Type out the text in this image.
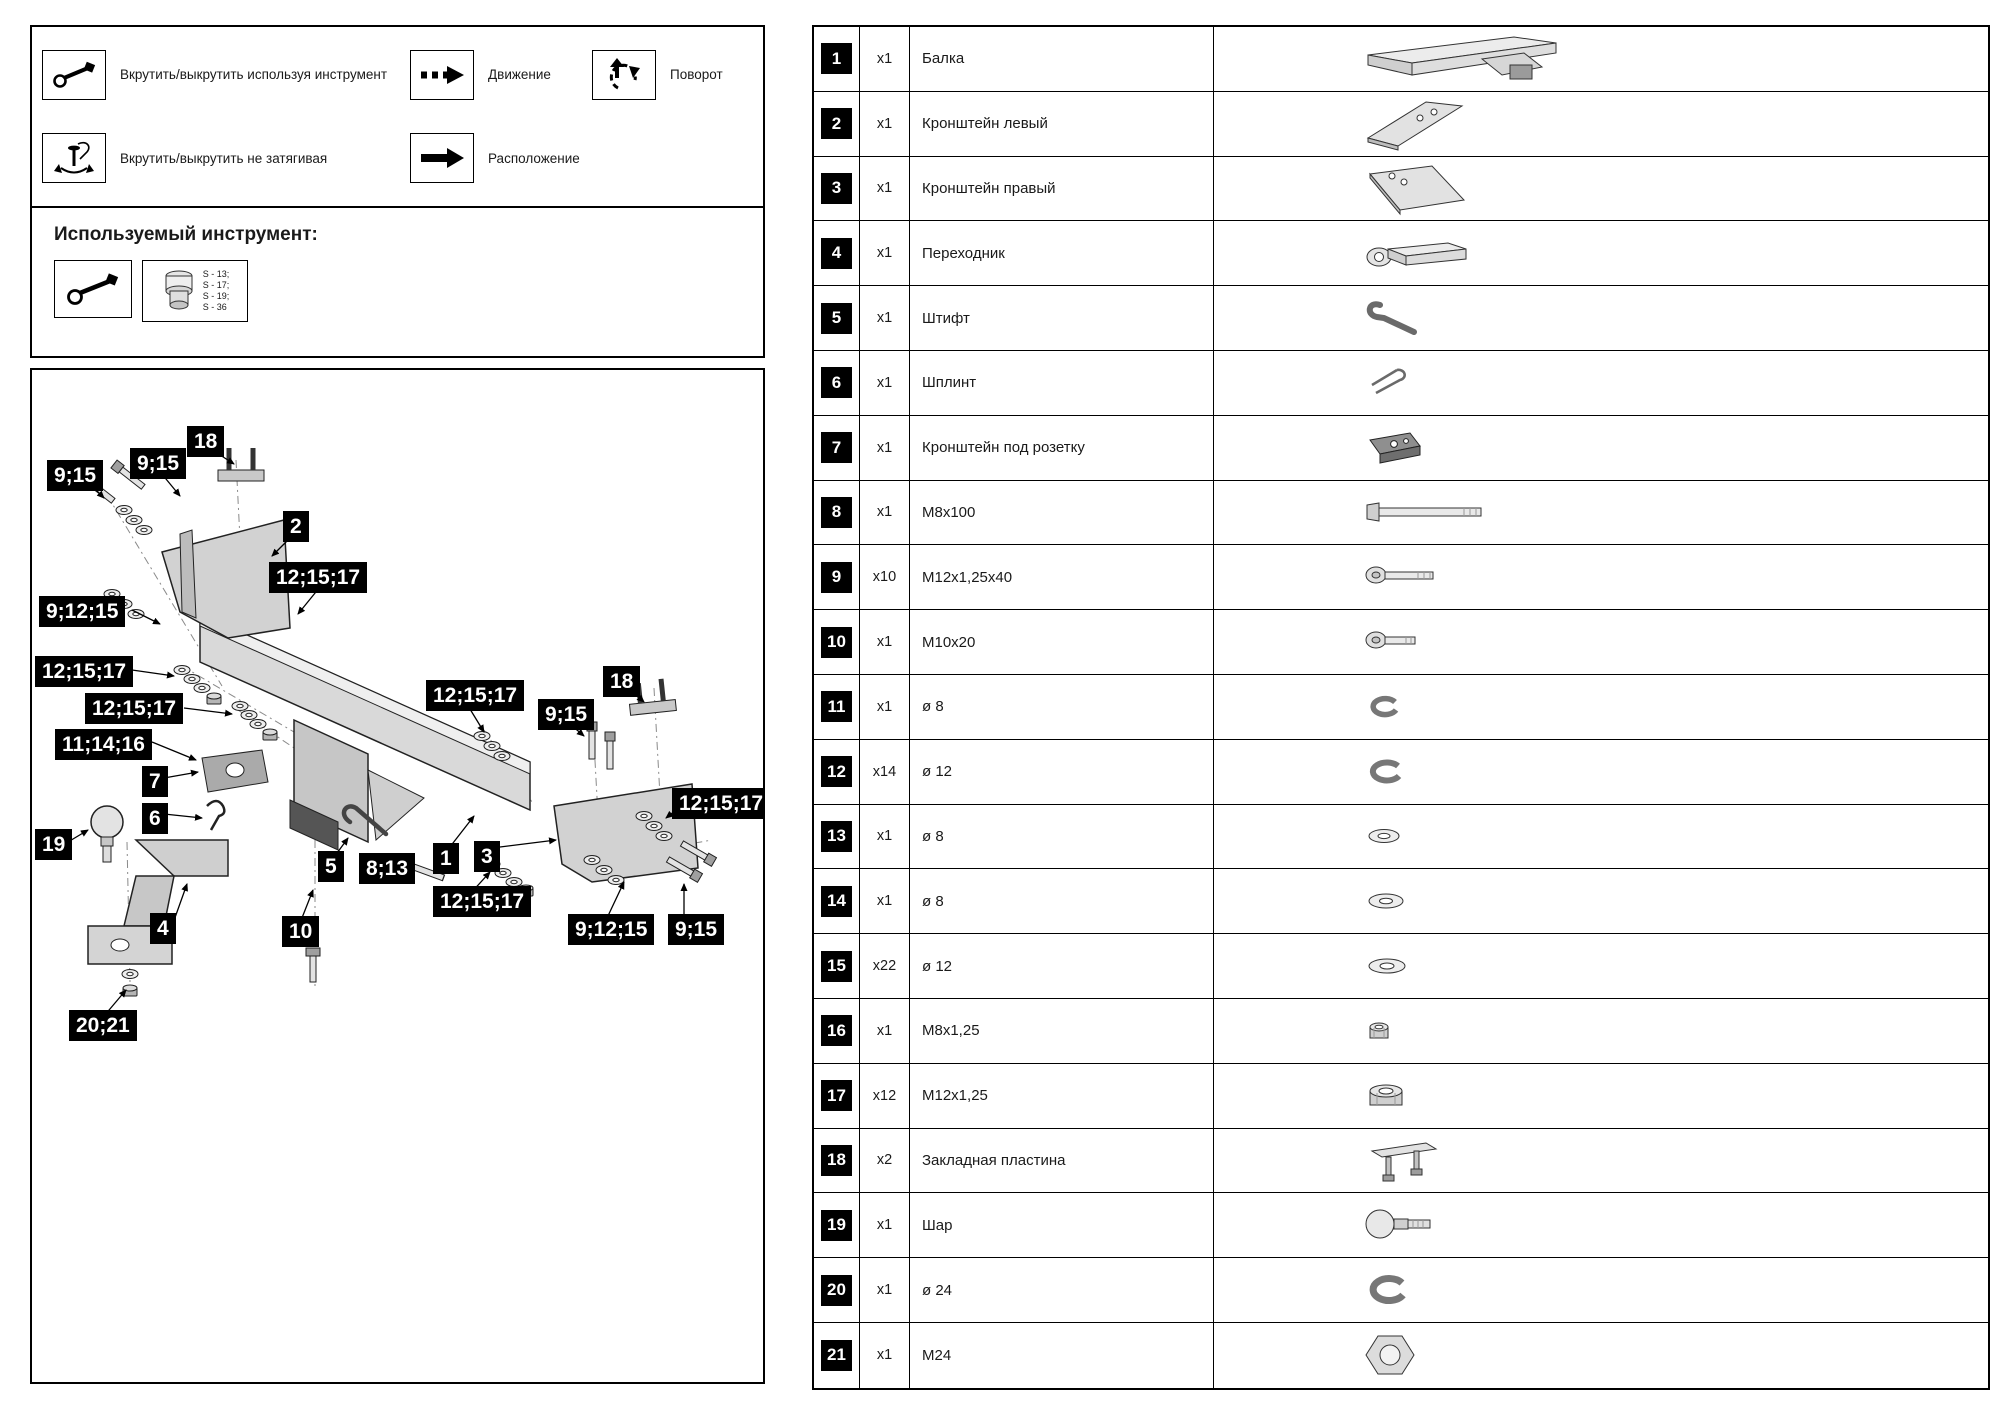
Вкрутить/выкрутить используя инструмент	Движение	Поворот
Вкрутить/выкрутить не затягивая	Расположение
Используемый инструмент:
S - 13;
S - 17;
S - 19;
S - 36
9;15
9;15
18
2
12;15;17
9;12;15
12;15;17
12;15;17
11;14;16
7
6
19
5	8;13	1	3
12;15;17
9;15
18
12;15;17
4	10
12;15;17
9;12;15	9;15
20;21
1	x1	Балка
2	x1	Кронштейн левый
3	x1	Кронштейн правый
4	x1	Переходник
5	x1	Штифт
6	x1	Шплинт
7	x1	Кронштейн под розетку
8	x1	M8x100
9	x10	M12x1,25x40
10	x1	M10x20
11	x1	ø 8
12	x14	ø 12
13	x1	ø 8
14	x1	ø 8
15	x22	ø 12
16	x1	M8x1,25
17	x12	M12x1,25
18	x2	Закладная пластина
19	x1	Шар
20	x1	ø 24
21	x1	M24
